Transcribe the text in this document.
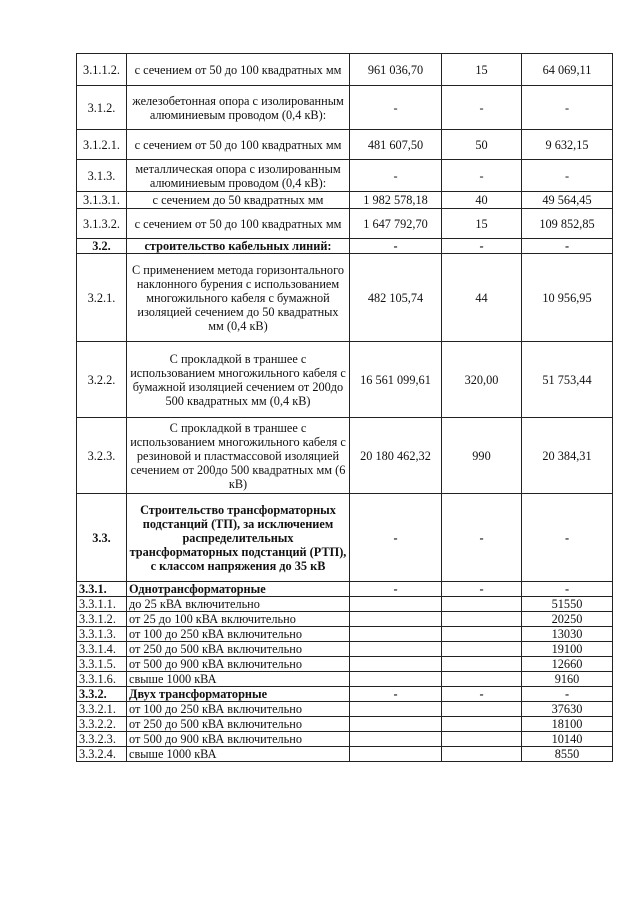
3.1.1.2.	с сечением от 50 до 100 квадратных мм	961 036,70	15	64 069,11
3.1.2.	железобетонная опора с изолированным алюминиевым проводом (0,4 кВ):	-	-	-
3.1.2.1.	с сечением от 50 до 100 квадратных мм	481 607,50	50	9 632,15
3.1.3.	металлическая опора с изолированным алюминиевым проводом (0,4 кВ):	-	-	-
3.1.3.1.	с сечением до 50 квадратных мм	1 982 578,18	40	49 564,45
3.1.3.2.	с сечением от 50 до 100 квадратных мм	1 647 792,70	15	109 852,85
3.2.	строительство кабельных линий:	-	-	-
3.2.1.	С применением метода горизонтального наклонного бурения с использованием многожильного кабеля с бумажной изоляцией сечением до 50 квадратных мм (0,4 кВ)	482 105,74	44	10 956,95
3.2.2.	С прокладкой в траншее с использованием многожильного кабеля с бумажной изоляцией сечением от 200до 500 квадратных мм (0,4 кВ)	16 561 099,61	320,00	51 753,44
3.2.3.	С прокладкой в траншее с использованием многожильного кабеля с резиновой и пластмассовой изоляцией сечением от 200до 500 квадратных мм (6 кВ)	20 180 462,32	990	20 384,31
3.3.	Строительство трансформаторных подстанций (ТП), за исключением распределительных трансформаторных подстанций (РТП), с классом напряжения до 35 кВ	-	-	-
3.3.1.	Однотрансформаторные	-	-	-
3.3.1.1.	до 25 кВА включительно			51550
3.3.1.2.	от 25 до 100 кВА включительно			20250
3.3.1.3.	от 100 до 250 кВА включительно			13030
3.3.1.4.	от 250 до 500 кВА включительно			19100
3.3.1.5.	от 500 до 900 кВА включительно			12660
3.3.1.6.	свыше 1000 кВА			9160
3.3.2.	Двух трансформаторные	-	-	-
3.3.2.1.	от 100 до 250 кВА включительно			37630
3.3.2.2.	от 250 до 500 кВА включительно			18100
3.3.2.3.	от 500 до 900 кВА включительно			10140
3.3.2.4.	свыше 1000 кВА			8550
